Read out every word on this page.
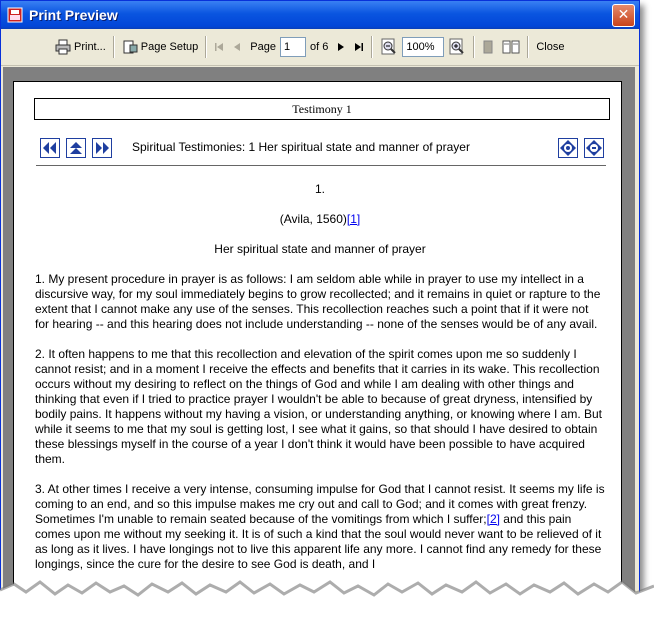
Print Preview	✕
Print...	Page Setup	Page
1	of 6
100%	Close
Testimony 1
Spiritual Testimonies: 1 Her spiritual state and manner of prayer
1.
(Avila, 1560)[1]
Her spiritual state and manner of prayer

1. My present procedure in prayer is as follows: I am seldom able while in prayer to use my intellect in a discursive way, for my soul immediately begins to grow recollected; and it remains in quiet or rapture to the extent that I cannot make any use of the senses. This recollection reaches such a point that if it were not for hearing -- and this hearing does not include understanding -- none of the senses would be of any avail.

2. It often happens to me that this recollection and elevation of the spirit comes upon me so suddenly I cannot resist; and in a moment I receive the effects and benefits that it carries in its wake. This recollection occurs without my desiring to reflect on the things of God and while I am dealing with other things and thinking that even if I tried to practice prayer I wouldn't be able to because of great dryness, intensified by bodily pains. It happens without my having a vision, or understanding anything, or knowing where I am. But while it seems to me that my soul is getting lost, I see what it gains, so that should I have desired to obtain these blessings myself in the course of a year I don't think it would have been possible to have acquired them.

3. At other times I receive a very intense, consuming impulse for God that I cannot resist. It seems my life is coming to an end, and so this impulse makes me cry out and call to God; and it comes with great frenzy. Sometimes I'm unable to remain seated because of the vomitings from which I suffer;[2] and this pain comes upon me without my seeking it. It is of such a kind that the soul would never want to be relieved of it as long as it lives. I have longings not to live this apparent life any more. I cannot find any remedy for these longings, since the cure for the desire to see God is death, and I
